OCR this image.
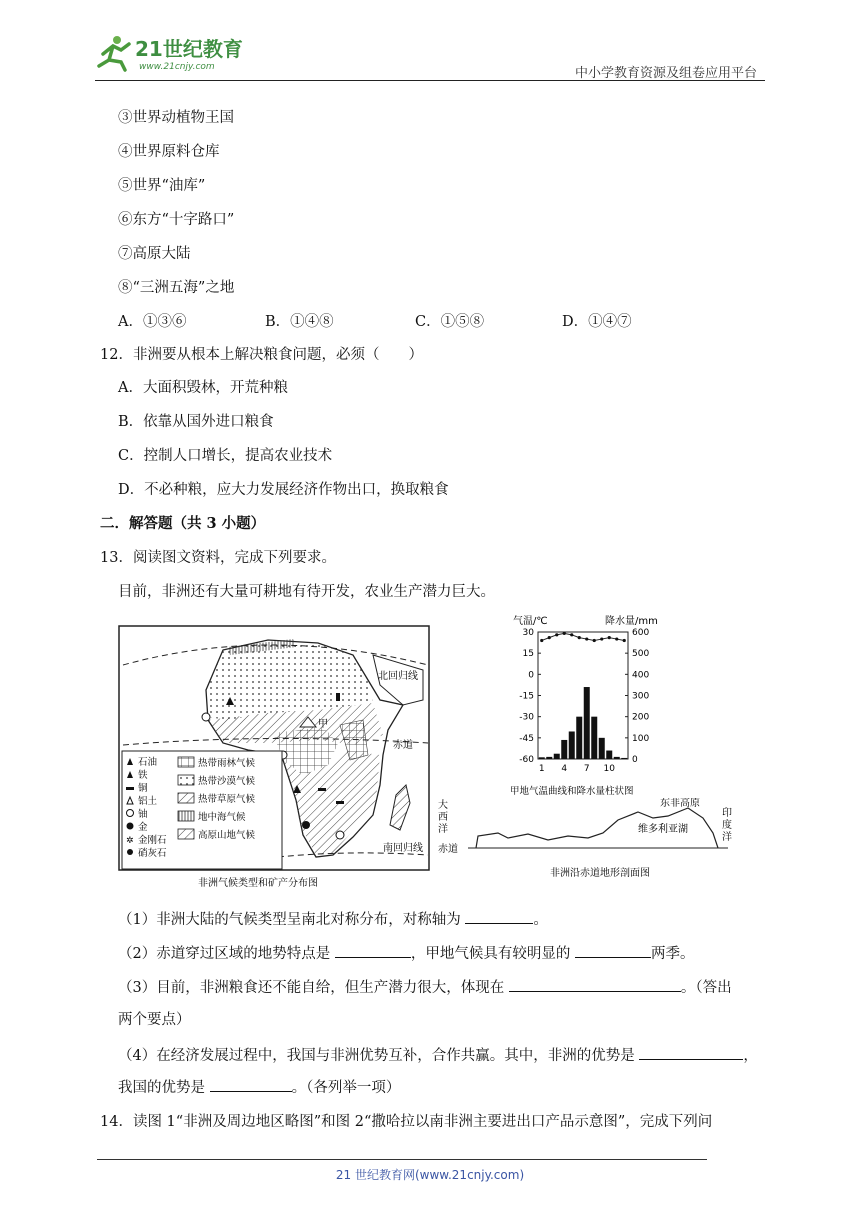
21世纪教育
www.21cnjy.com	中小学教育资源及组卷应用平台
③世界动植物王国
④世界原料仓库
⑤世界“油库”
⑥东方“十字路口”
⑦高原大陆
⑧“三洲五海”之地
A．①③⑥	B．①④⑧	C．①⑤⑧	D．①④⑦
12．非洲要从根本上解决粮食问题，必须（　　）
A．大面积毁林，开荒种粮
B．依靠从国外进口粮食
C．控制人口增长，提高农业技术
D．不必种粮，应大力发展经济作物出口，换取粮食
二．解答题（共 3 小题）
13．阅读图文资料，完成下列要求。
目前，非洲还有大量可耕地有待开发，农业生产潜力巨大。
北回归线
赤道
南回归线
甲
石油
铁
铜
铝土
铀
金
金刚石
硝灰石
✲
热带雨林气候
热带沙漠气候
热带草原气候
地中海气候
高原山地气候
非洲气候类型和矿产分布图
气温/℃	降水量/mm
30
15
0
-15
-30
-45
-60
600
500
400
300
200
100
0
1 4 7 10
甲地气温曲线和降水量柱状图
大
西
洋
印
度
洋
赤道
东非高原
维多利亚湖
非洲沿赤道地形剖面图
（1）非洲大陆的气候类型呈南北对称分布，对称轴为	。
（2）赤道穿过区域的地势特点是	，甲地气候具有较明显的	两季。
（3）目前，非洲粮食还不能自给，但生产潜力很大，体现在	。（答出
两个要点）
（4）在经济发展过程中，我国与非洲优势互补，合作共赢。其中，非洲的优势是	，
我国的优势是	。（各列举一项）
14．读图 1“非洲及周边地区略图”和图 2“撒哈拉以南非洲主要进出口产品示意图”，完成下列问
21 世纪教育网(www.21cnjy.com)
